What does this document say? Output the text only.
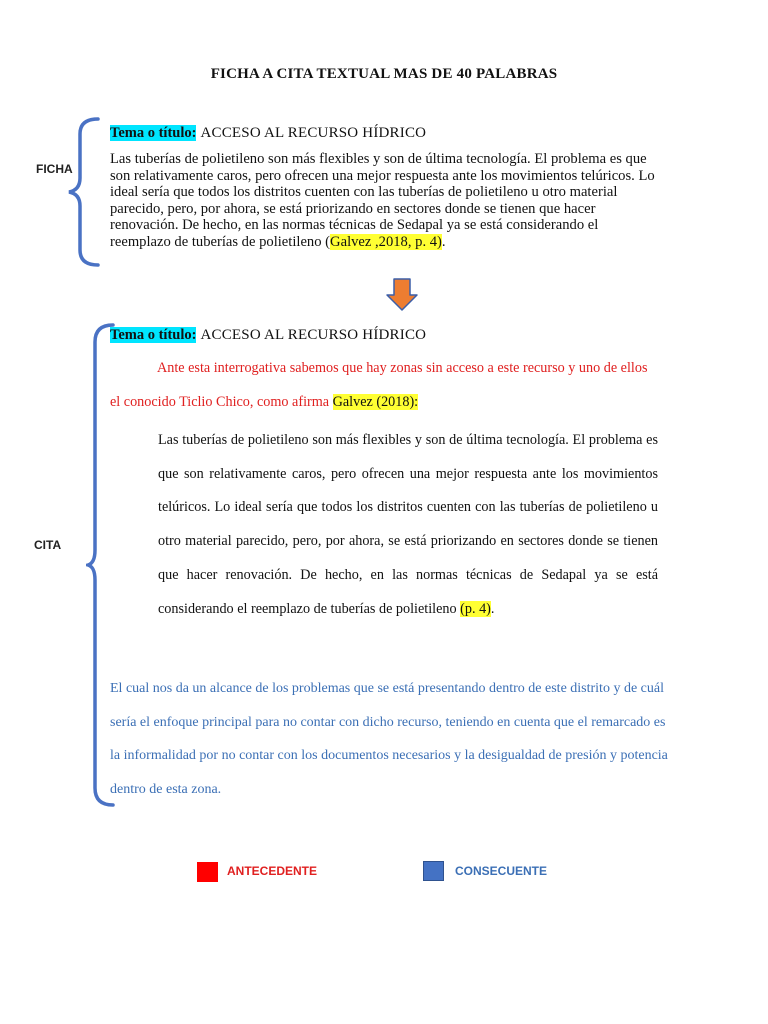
FICHA A CITA TEXTUAL MAS DE 40 PALABRAS
FICHA
Tema o título: ACCESO AL RECURSO HÍDRICO
Las tuberías de polietileno son más flexibles y son de última tecnología. El problema es que son relativamente caros, pero ofrecen una mejor respuesta ante los movimientos telúricos. Lo ideal sería que todos los distritos cuenten con las tuberías de polietileno u otro material parecido, pero, por ahora, se está priorizando en sectores donde se tienen que hacer renovación. De hecho, en las normas técnicas de Sedapal ya se está considerando el reemplazo de tuberías de polietileno (Galvez ,2018, p. 4).
CITA
Tema o título: ACCESO AL RECURSO HÍDRICO
Ante esta interrogativa sabemos que hay zonas sin acceso a este recurso y uno de ellos el conocido Ticlio Chico, como afirma Galvez (2018):
Las tuberías de polietileno son más flexibles y son de última tecnología. El problema es que son relativamente caros, pero ofrecen una mejor respuesta ante los movimientos telúricos. Lo ideal sería que todos los distritos cuenten con las tuberías de polietileno u otro material parecido, pero, por ahora, se está priorizando en sectores donde se tienen que hacer renovación. De hecho, en las normas técnicas de Sedapal ya se está considerando el reemplazo de tuberías de polietileno (p. 4).
El cual nos da un alcance de los problemas que se está presentando dentro de este distrito y de cuál sería el enfoque principal para no contar con dicho recurso, teniendo en cuenta que el remarcado es la informalidad por no contar con los documentos necesarios y la desigualdad de presión y potencia dentro de esta zona.
ANTECEDENTE	CONSECUENTE
